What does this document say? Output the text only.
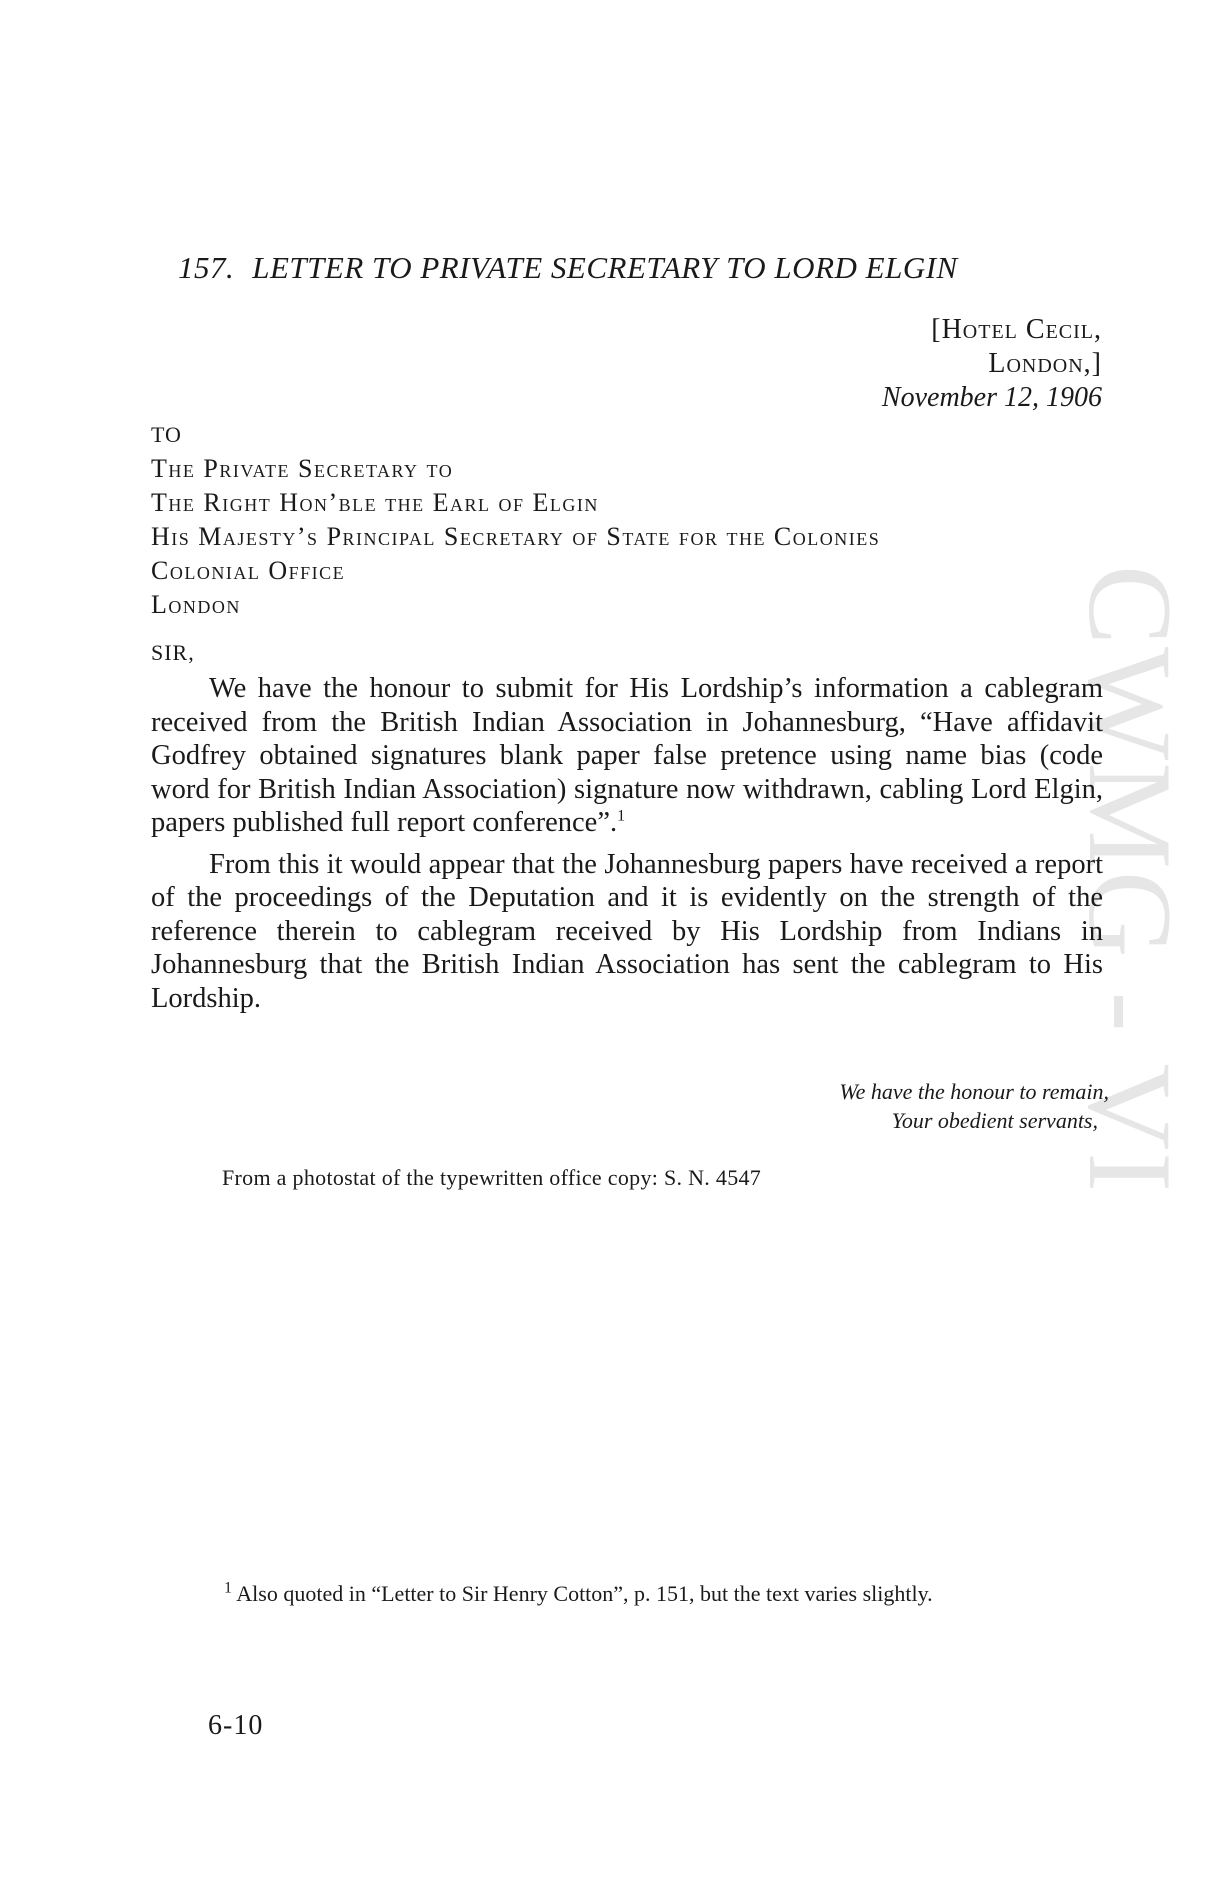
157. LETTER TO PRIVATE SECRETARY TO LORD ELGIN
CWMG - VI
[Hotel Cecil,
London,]
November 12, 1906
TO
The Private Secretary to
The Right Hon’ble the Earl of Elgin
His Majesty’s Principal Secretary of State for the Colonies
Colonial Office
London
SIR,

We have the honour to submit for His Lordship’s information a cablegram received from the British Indian Association in Johannesburg, “Have affidavit Godfrey obtained signatures blank paper false pretence using name bias (code word for British Indian Association) signature now withdrawn, cabling Lord Elgin, papers published full report conference”.$^1$

From this it would appear that the Johannesburg papers have received a report of the proceedings of the Deputation and it is evidently on the strength of the reference therein to cablegram received by His Lordship from Indians in Johannesburg that the British Indian Association has sent the cablegram to His Lordship.

We have the honour to remain,
Your obedient servants,
From a photostat of the typewritten office copy: S. N. 4547
$^1$ Also quoted in “Letter to Sir Henry Cotton”, p. 151, but the text varies slightly.
6-10
